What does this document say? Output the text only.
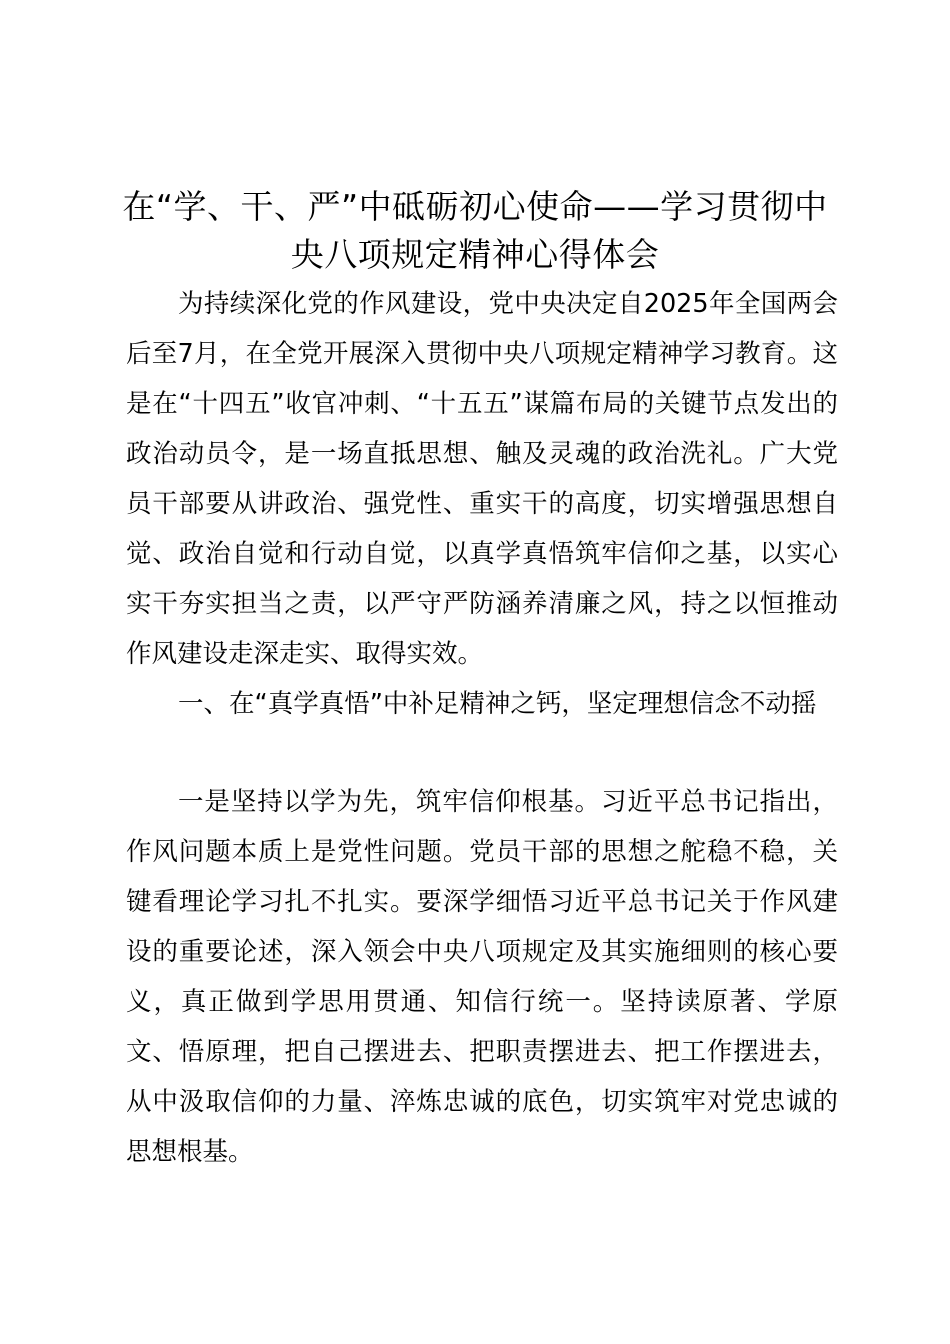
在“学、干、严”中砥砺初心使命——学习贯彻中央八项规定精神心得体会

为持续深化党的作风建设，党中央决定自2025年全国两会后至7月，在全党开展深入贯彻中央八项规定精神学习教育。这是在“十四五”收官冲刺、“十五五”谋篇布局的关键节点发出的政治动员令，是一场直抵思想、触及灵魂的政治洗礼。广大党员干部要从讲政治、强党性、重实干的高度，切实增强思想自觉、政治自觉和行动自觉，以真学真悟筑牢信仰之基，以实心实干夯实担当之责，以严守严防涵养清廉之风，持之以恒推动作风建设走深走实、取得实效。

一、在“真学真悟”中补足精神之钙，坚定理想信念不动摇

一是坚持以学为先，筑牢信仰根基。习近平总书记指出，作风问题本质上是党性问题。党员干部的思想之舵稳不稳，关键看理论学习扎不扎实。要深学细悟习近平总书记关于作风建设的重要论述，深入领会中央八项规定及其实施细则的核心要义，真正做到学思用贯通、知信行统一。坚持读原著、学原文、悟原理，把自己摆进去、把职责摆进去、把工作摆进去，从中汲取信仰的力量、淬炼忠诚的底色，切实筑牢对党忠诚的思想根基。
